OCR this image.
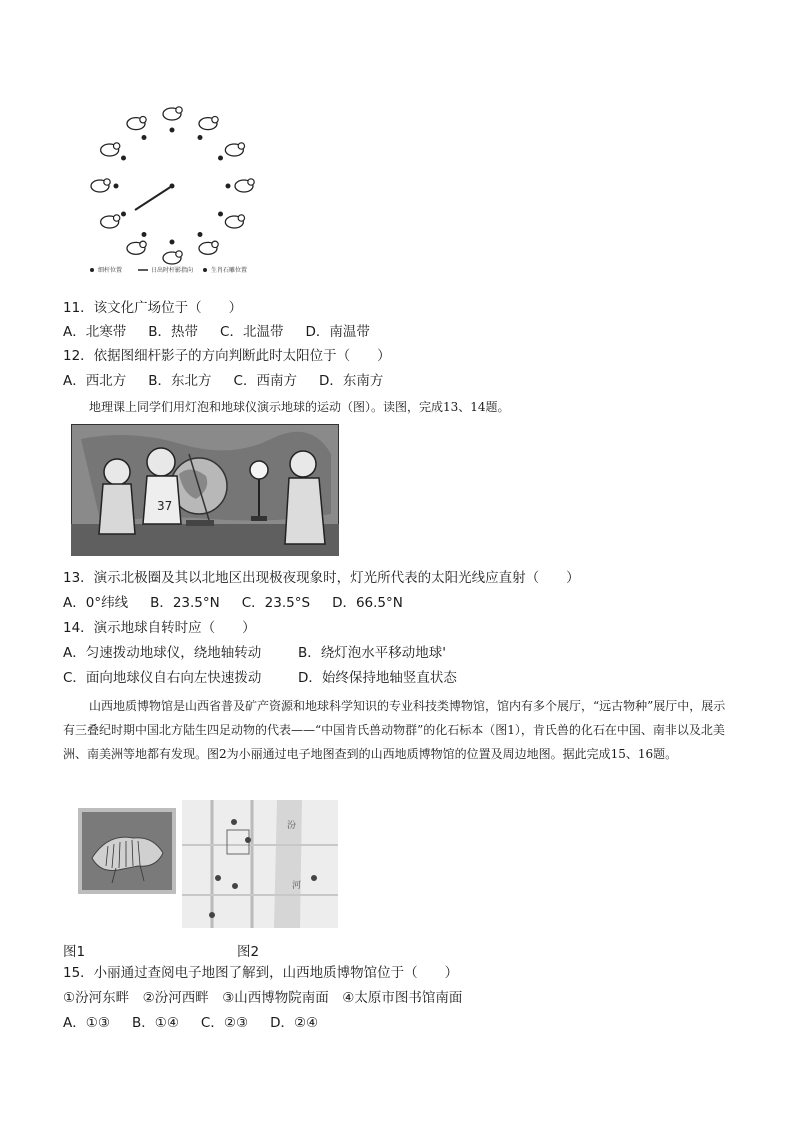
细杆位置	日出时杆影指向	生肖石雕位置
11．该文化广场位于（　　）
A．北寒带 B．热带 C．北温带 D．南温带
12．依据图细杆影子的方向判断此时太阳位于（　　）
A．西北方 B．东北方 C．西南方 D．东南方
地理课上同学们用灯泡和地球仪演示地球的运动（图）。读图，完成13、14题。
37
13．演示北极圈及其以北地区出现极夜现象时，灯光所代表的太阳光线应直射（　　）
A．0°纬线 B．23.5°N C．23.5°S D．66.5°N
14．演示地球自转时应（　　）
A．匀速拨动地球仪，绕地轴转动	B．绕灯泡水平移动地球'
C．面向地球仪自右向左快速拨动	D．始终保持地轴竖直状态
山西地质博物馆是山西省普及矿产资源和地球科学知识的专业科技类博物馆，馆内有多个展厅，“远古物种”展厅中，展示有三叠纪时期中国北方陆生四足动物的代表——“中国肯氏兽动物群”的化石标本（图1），肯氏兽的化石在中国、南非以及北美洲、南美洲等地都有发现。图2为小丽通过电子地图查到的山西地质博物馆的位置及周边地图。据此完成15、16题。
汾
河
图1	图2
15．小丽通过查阅电子地图了解到，山西地质博物馆位于（　　）
①汾河东畔　②汾河西畔　③山西博物院南面　④太原市图书馆南面
A．①③ B．①④ C．②③ D．②④
